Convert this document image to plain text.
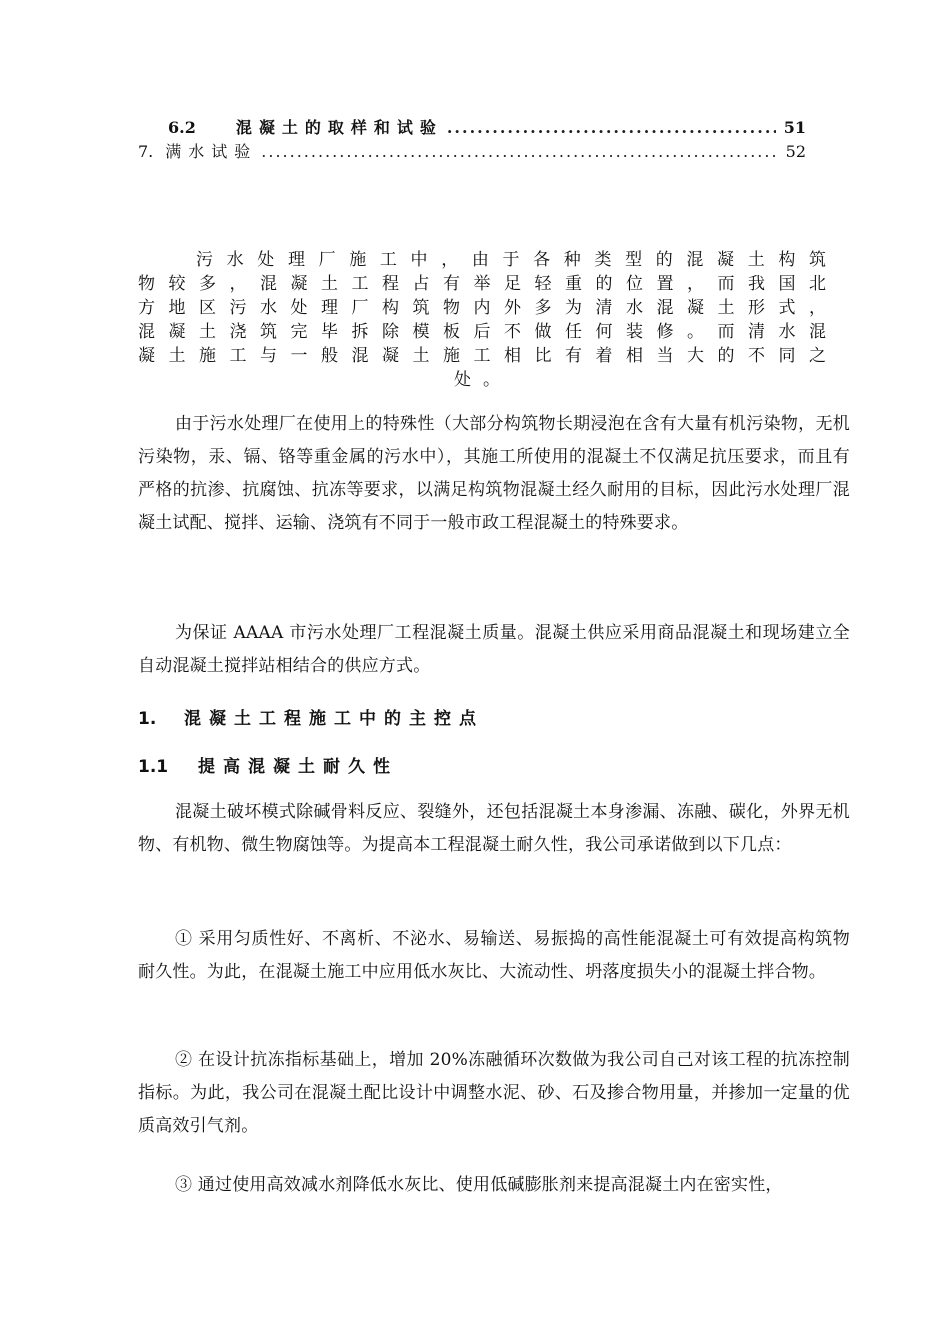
6.2	混凝土的取样和试验 .....	51
7. 满水试验 .....	52
污水处理厂施工中，由于各种类型的混凝土构筑
物较多，混凝土工程占有举足轻重的位置，而我国北
方地区污水处理厂构筑物内外多为清水混凝土形式，
混凝土浇筑完毕拆除模板后不做任何装修。而清水混
凝土施工与一般混凝土施工相比有着相当大的不同之
处。
由于污水处理厂在使用上的特殊性（大部分构筑物长期浸泡在含有大量有机污染物，无机污染物，汞、镉、铬等重金属的污水中），其施工所使用的混凝土不仅满足抗压要求，而且有严格的抗渗、抗腐蚀、抗冻等要求，以满足构筑物混凝土经久耐用的目标，因此污水处理厂混凝土试配、搅拌、运输、浇筑有不同于一般市政工程混凝土的特殊要求。
为保证 AAAA 市污水处理厂工程混凝土质量。混凝土供应采用商品混凝土和现场建立全自动混凝土搅拌站相结合的供应方式。
1. 混凝土工程施工中的主控点
1.1 提高混凝土耐久性
混凝土破坏模式除碱骨料反应、裂缝外，还包括混凝土本身渗漏、冻融、碳化，外界无机物、有机物、微生物腐蚀等。为提高本工程混凝土耐久性，我公司承诺做到以下几点：
① 采用匀质性好、不离析、不泌水、易输送、易振捣的高性能混凝土可有效提高构筑物耐久性。为此，在混凝土施工中应用低水灰比、大流动性、坍落度损失小的混凝土拌合物。
② 在设计抗冻指标基础上，增加 20%冻融循环次数做为我公司自己对该工程的抗冻控制指标。为此，我公司在混凝土配比设计中调整水泥、砂、石及掺合物用量，并掺加一定量的优质高效引气剂。
③ 通过使用高效减水剂降低水灰比、使用低碱膨胀剂来提高混凝土内在密实性，
